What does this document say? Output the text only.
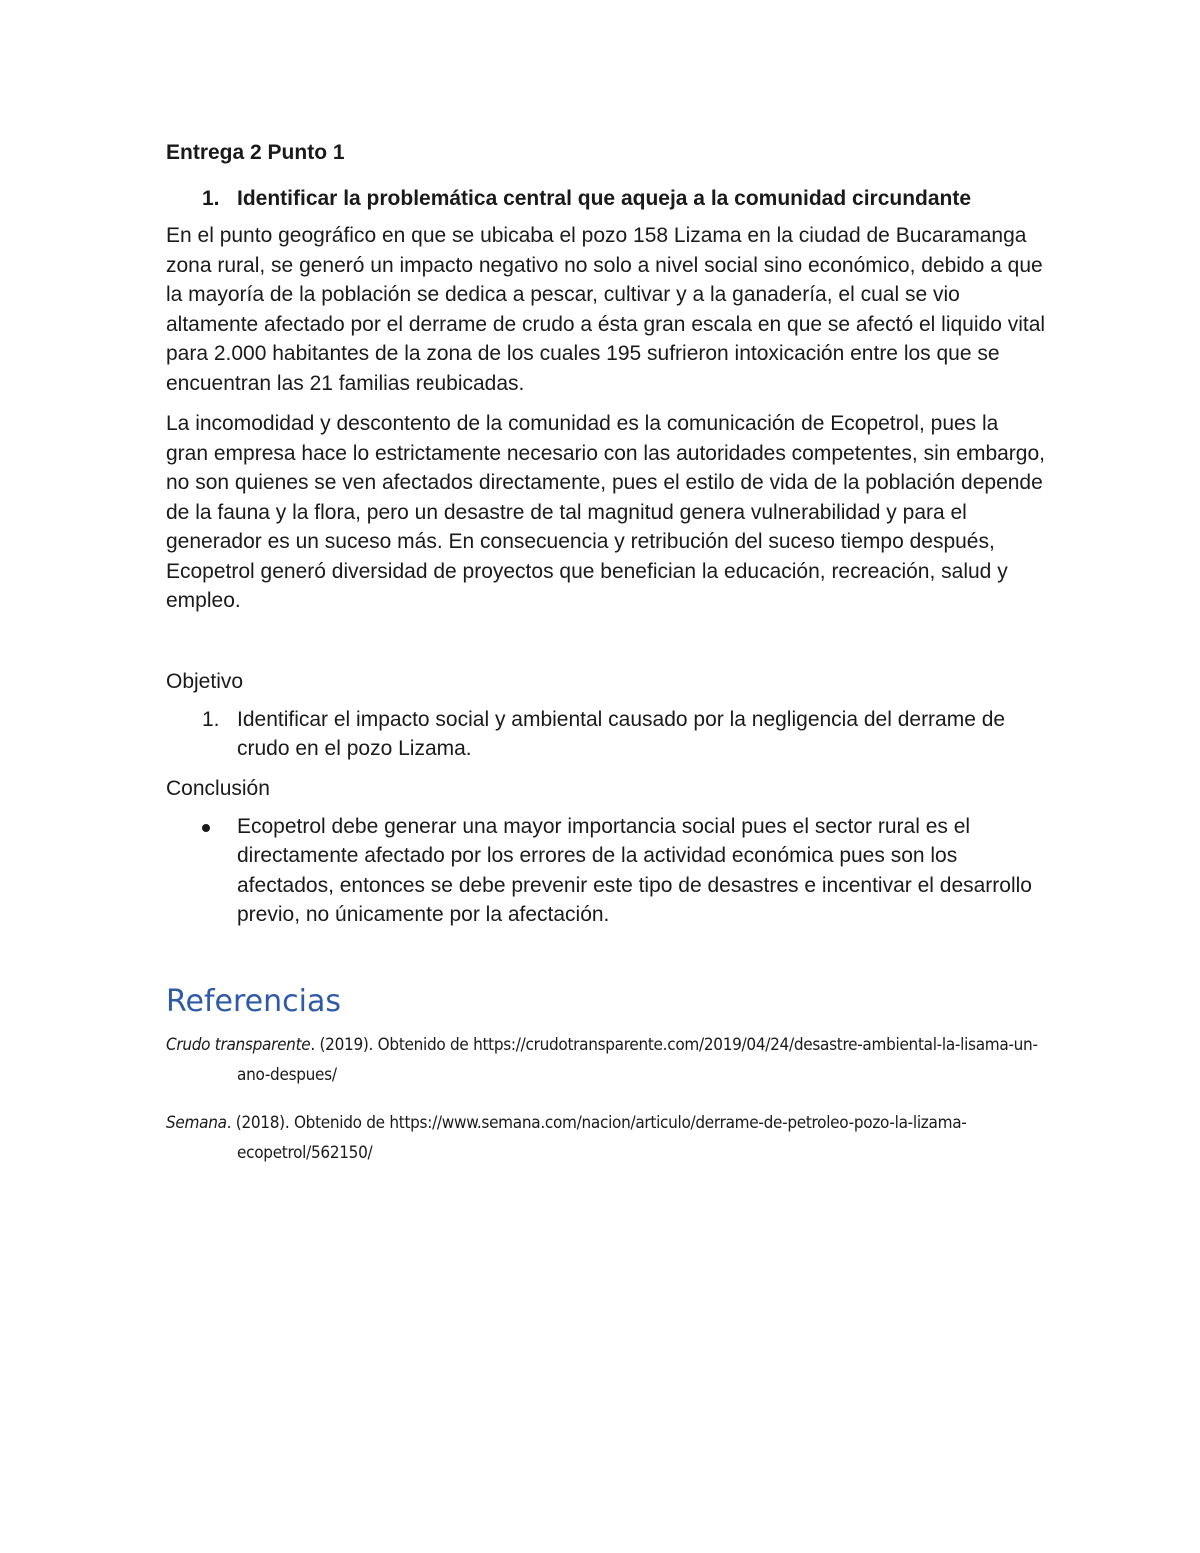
Entrega 2 Punto 1
1. Identificar la problemática central que aqueja a la comunidad circundante

En el punto geográfico en que se ubicaba el pozo 158 Lizama en la ciudad de Bucaramanga zona rural, se generó un impacto negativo no solo a nivel social sino económico, debido a que la mayoría de la población se dedica a pescar, cultivar y a la ganadería, el cual se vio altamente afectado por el derrame de crudo a ésta gran escala en que se afectó el liquido vital para 2.000 habitantes de la zona de los cuales 195 sufrieron intoxicación entre los que se encuentran las 21 familias reubicadas.

La incomodidad y descontento de la comunidad es la comunicación de Ecopetrol, pues la gran empresa hace lo estrictamente necesario con las autoridades competentes, sin embargo, no son quienes se ven afectados directamente, pues el estilo de vida de la población depende de la fauna y la flora, pero un desastre de tal magnitud genera vulnerabilidad y para el generador es un suceso más. En consecuencia y retribución del suceso tiempo después, Ecopetrol generó diversidad de proyectos que benefician la educación, recreación, salud y empleo.

Objetivo
1. Identificar el impacto social y ambiental causado por la negligencia del derrame de crudo en el pozo Lizama.
Conclusión
Ecopetrol debe generar una mayor importancia social pues el sector rural es el directamente afectado por los errores de la actividad económica pues son los afectados, entonces se debe prevenir este tipo de desastres e incentivar el desarrollo previo, no únicamente por la afectación.
Referencias
Crudo transparente. (2019). Obtenido de https://crudotransparente.com/2019/04/24/desastre-ambiental-la-lisama-un-ano-despues/
Semana. (2018). Obtenido de https://www.semana.com/nacion/articulo/derrame-de-petroleo-pozo-la-lizama-ecopetrol/562150/
